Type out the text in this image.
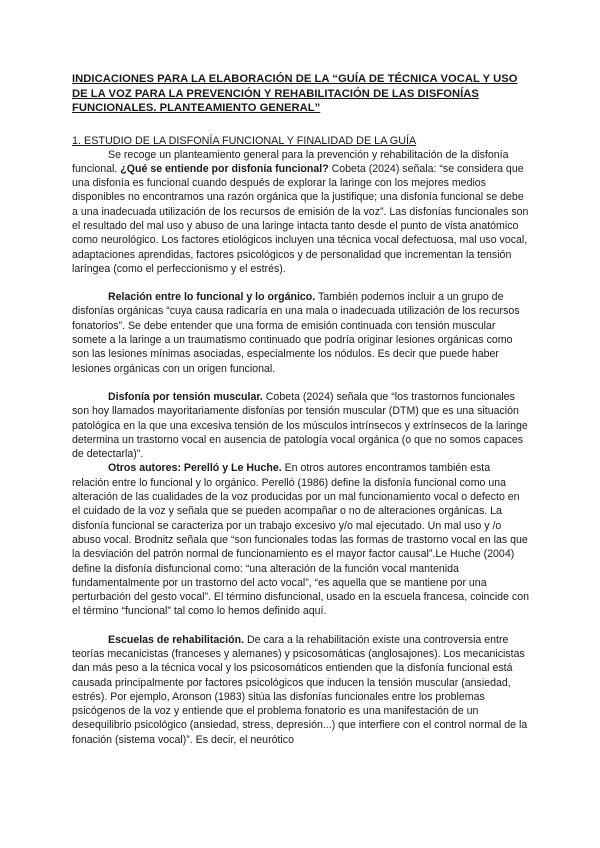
INDICACIONES PARA LA ELABORACIÓN DE LA “GUÍA DE TÉCNICA VOCAL Y USO DE LA VOZ PARA LA PREVENCIÓN Y REHABILITACIÓN DE LAS DISFONÍAS FUNCIONALES. PLANTEAMIENTO GENERAL”
1. ESTUDIO DE LA DISFONÍA FUNCIONAL Y FINALIDAD DE LA GUÍA

Se recoge un planteamiento general para la prevención y rehabilitación de la disfonía funcional. ¿Qué se entiende por disfonía funcional? Cobeta (2024) señala: “se considera que una disfonía es funcional cuando después de explorar la laringe con los mejores medios disponibles no encontramos una razón orgánica que la justifique; una disfonía funcional se debe a una inadecuada utilización de los recursos de emisión de la voz”. Las disfonías funcionales son el resultado del mal uso y abuso de una laringe intacta tanto desde el punto de vista anatómico como neurológico. Los factores etiológicos incluyen una técnica vocal defectuosa, mal uso vocal, adaptaciones aprendidas, factores psicológicos y de personalidad que incrementan la tensión laríngea (como el perfeccionismo y el estrés).

Relación entre lo funcional y lo orgánico. También podemos incluir a un grupo de disfonías orgánicas “cuya causa radicaría en una mala o inadecuada utilización de los recursos fonatorios”. Se debe entender que una forma de emisión continuada con tensión muscular somete a la laringe a un traumatismo continuado que podría originar lesiones orgánicas como son las lesiones mínimas asociadas, especialmente los nódulos. Es decir que puede haber lesiones orgánicas con un origen funcional.

Disfonía por tensión muscular. Cobeta (2024) señala que “los trastornos funcionales son hoy llamados mayoritariamente disfonías por tensión muscular (DTM) que es una situación patológica en la que una excesiva tensión de los músculos intrínsecos y extrínsecos de la laringe determina un trastorno vocal en ausencia de patología vocal orgánica (o que no somos capaces de detectarla)”.

Otros autores: Perelló y Le Huche. En otros autores encontramos también esta relación entre lo funcional y lo orgánico. Perelló (1986) define la disfonía funcional como una alteración de las cualidades de la voz producidas por un mal funcionamiento vocal o defecto en el cuidado de la voz y señala que se pueden acompañar o no de alteraciones orgánicas. La disfonía funcional se caracteriza por un trabajo excesivo y/o mal ejecutado. Un mal uso y /o abuso vocal. Brodnitz señala que “son funcionales todas las formas de trastorno vocal en las que la desviación del patrón normal de funcionamiento es el mayor factor causal”.Le Huche (2004) define la disfonía disfuncional como: “una alteración de la función vocal mantenida fundamentalmente por un trastorno del acto vocal”, “es aquella que se mantiene por una perturbación del gesto vocal”. El término disfuncional, usado en la escuela francesa, coincide con el término “funcional” tal como lo hemos definido aquí.

Escuelas de rehabilitación. De cara a la rehabilitación existe una controversia entre teorías mecanicistas (franceses y alemanes) y psicosomáticas (anglosajones). Los mecanicistas dan más peso a la técnica vocal y los psicosomáticos entienden que la disfonía funcional está causada principalmente por factores psicológicos que inducen la tensión muscular (ansiedad, estrés). Por ejemplo, Aronson (1983) sitúa las disfonías funcionales entre los problemas psicógenos de la voz y entiende que el problema fonatorio es una manifestación de un desequilibrio psicológico (ansiedad, stress, depresión...) que interfiere con el control normal de la fonación (sistema vocal)”. Es decir, el neurótico
